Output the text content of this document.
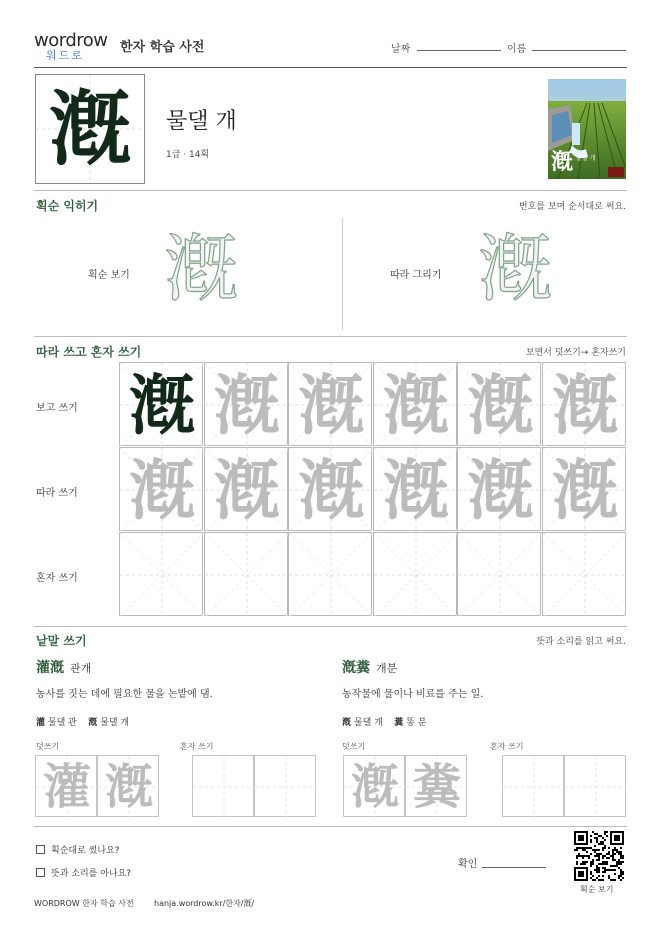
wordrow
워드로
한자 학습 사전	날짜	이름
漑	물댈 개
1급 · 14획	漑 물댈 개
획순 익히기	번호를 보며 순서대로 써요.
획순 보기 漑	따라 그리기 漑
따라 쓰고 혼자 쓰기	보면서 덧쓰기→ 혼자쓰기
보고 쓰기
따라 쓰기
혼자 쓰기
漑 漑 漑 漑 漑 漑
漑 漑 漑 漑 漑 漑
낱말 쓰기	뜻과 소리를 읽고 써요.
灌漑 관개
농사를 짓는 데에 필요한 물을 논밭에 댐.
灌 물댈 관 漑 물댈 개
덧쓰기	혼자 쓰기
漑糞 개분
농작물에 물이나 비료를 주는 일.
漑 물댈 개 糞 똥 분
덧쓰기	혼자 쓰기
灌 漑	漑 糞
획순대로 썼나요?
뜻과 소리를 아나요?
확인
획순 보기
WORDROW 한자 학습 사전	hanja.wordrow.kr/한자/漑/
